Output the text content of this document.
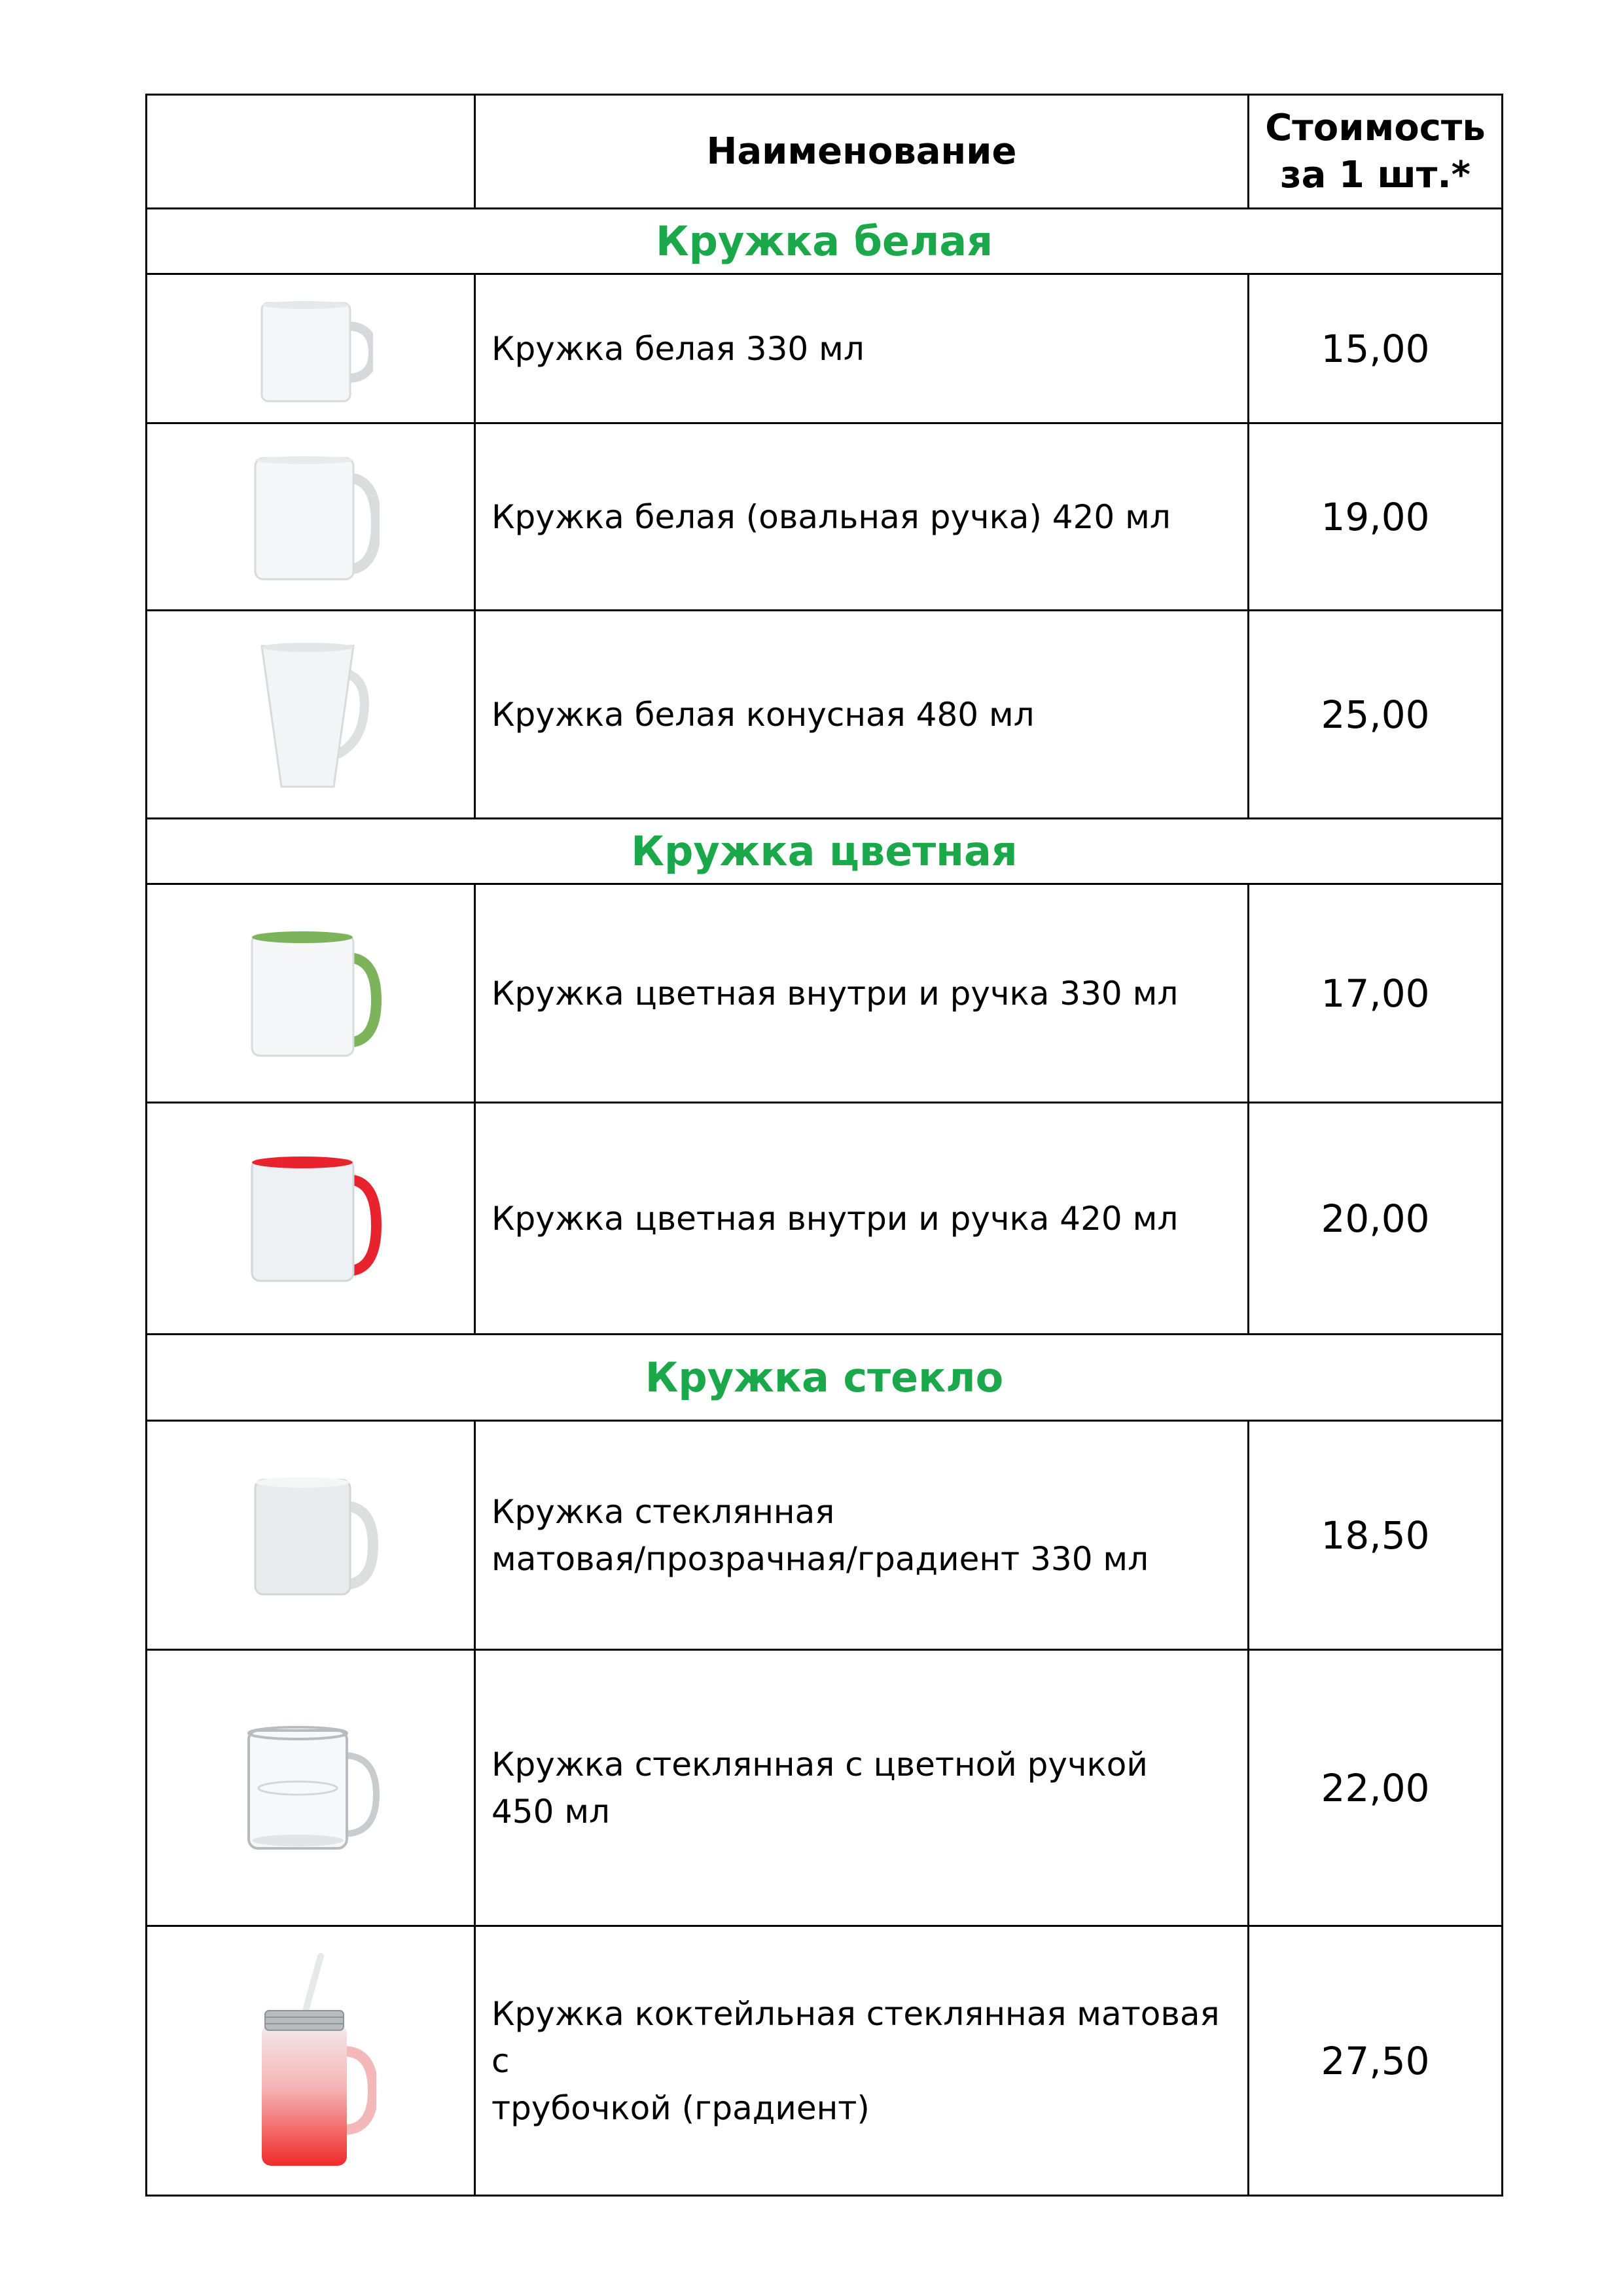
	Наименование	Стоимость
за 1 шт.*

Кружка белая		

	Кружка белая 330 мл	15,00

	Кружка белая (овальная ручка) 420 мл	19,00

	Кружка белая конусная 480 мл	25,00
Кружка цветная		

	Кружка цветная внутри и ручка 330 мл	17,00

	Кружка цветная внутри и ручка 420 мл	20,00
Кружка стекло		

Кружка стеклянная
матовая/прозрачная/градиент 330 мл	18,50

Кружка стеклянная с цветной ручкой
450 мл	22,00

Кружка коктейльная стеклянная матовая с
трубочкой (градиент)	27,50
